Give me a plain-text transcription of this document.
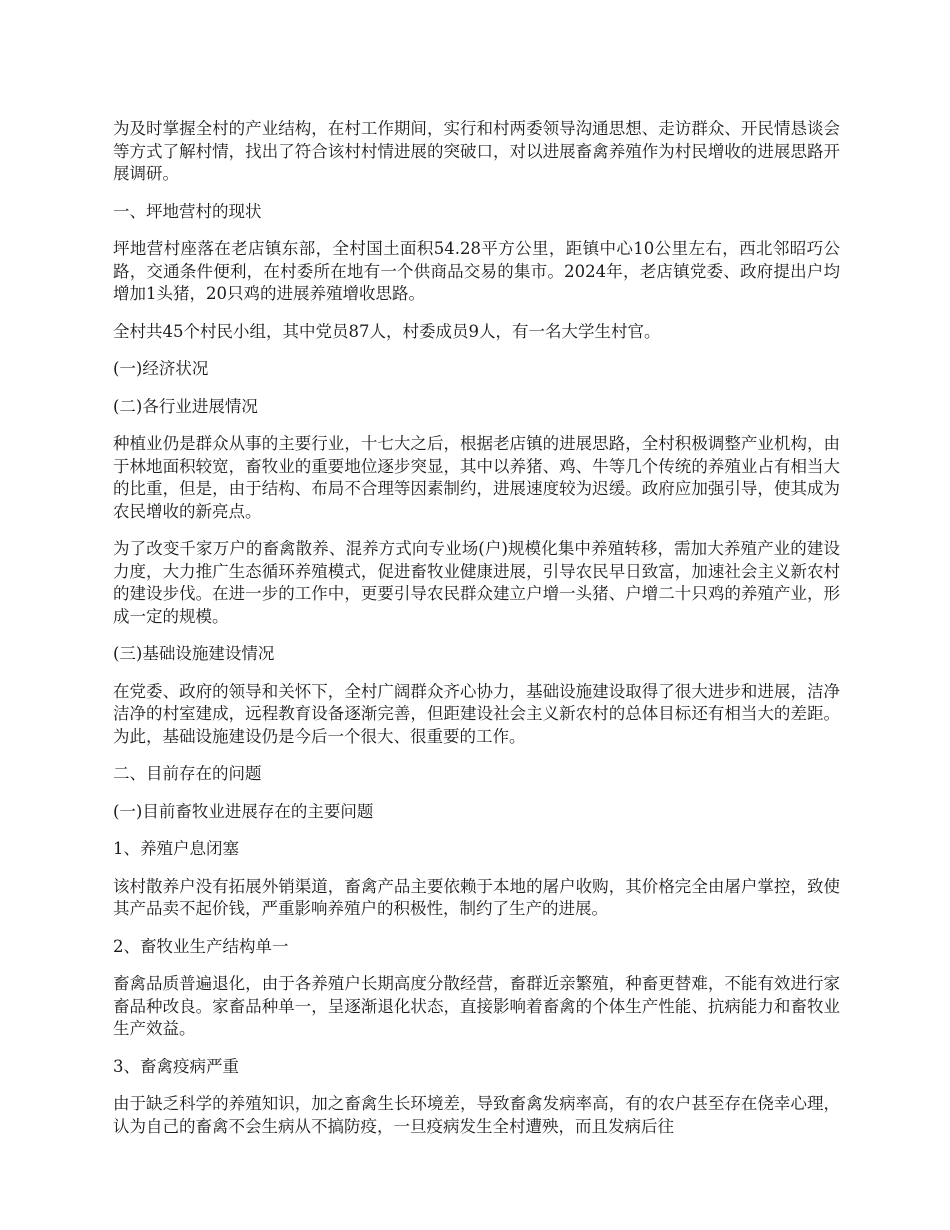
为及时掌握全村的产业结构，在村工作期间，实行和村两委领导沟通思想、走访群众、开民情恳谈会等方式了解村情，找出了符合该村村情进展的突破口，对以进展畜禽养殖作为村民增收的进展思路开展调研。

一、坪地营村的现状

坪地营村座落在老店镇东部，全村国土面积54.28平方公里，距镇中心10公里左右，西北邻昭巧公路，交通条件便利，在村委所在地有一个供商品交易的集市。2024年，老店镇党委、政府提出户均增加1头猪，20只鸡的进展养殖增收思路。

全村共45个村民小组，其中党员87人，村委成员9人，有一名大学生村官。

(一)经济状况

(二)各行业进展情况

种植业仍是群众从事的主要行业，十七大之后，根据老店镇的进展思路，全村积极调整产业机构，由于林地面积较宽，畜牧业的重要地位逐步突显，其中以养猪、鸡、牛等几个传统的养殖业占有相当大的比重，但是，由于结构、布局不合理等因素制约，进展速度较为迟缓。政府应加强引导，使其成为农民增收的新亮点。

为了改变千家万户的畜禽散养、混养方式向专业场(户)规模化集中养殖转移，需加大养殖产业的建设力度，大力推广生态循环养殖模式，促进畜牧业健康进展，引导农民早日致富，加速社会主义新农村的建设步伐。在进一步的工作中，更要引导农民群众建立户增一头猪、户增二十只鸡的养殖产业，形成一定的规模。

(三)基础设施建设情况

在党委、政府的领导和关怀下，全村广阔群众齐心协力，基础设施建设取得了很大进步和进展，洁净洁净的村室建成，远程教育设备逐渐完善，但距建设社会主义新农村的总体目标还有相当大的差距。为此，基础设施建设仍是今后一个很大、很重要的工作。

二、目前存在的问题

(一)目前畜牧业进展存在的主要问题

1、养殖户息闭塞

该村散养户没有拓展外销渠道，畜禽产品主要依赖于本地的屠户收购，其价格完全由屠户掌控，致使其产品卖不起价钱，严重影响养殖户的积极性，制约了生产的进展。

2、畜牧业生产结构单一

畜禽品质普遍退化，由于各养殖户长期高度分散经营，畜群近亲繁殖，种畜更替难，不能有效进行家畜品种改良。家畜品种单一，呈逐渐退化状态，直接影响着畜禽的个体生产性能、抗病能力和畜牧业生产效益。

3、畜禽疫病严重

由于缺乏科学的养殖知识，加之畜禽生长环境差，导致畜禽发病率高，有的农户甚至存在侥幸心理，认为自己的畜禽不会生病从不搞防疫，一旦疫病发生全村遭殃，而且发病后往
